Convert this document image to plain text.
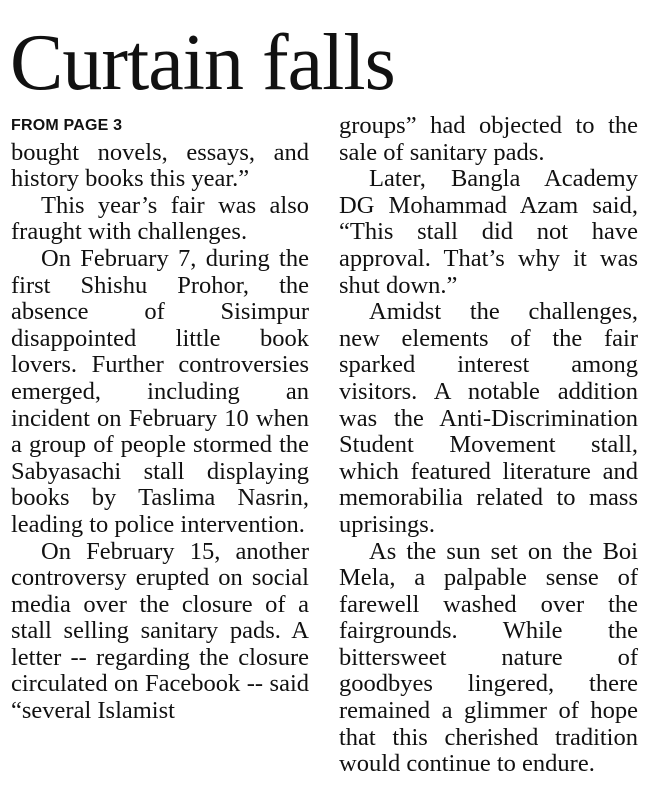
Curtain falls
FROM PAGE 3

bought novels, essays, and history books this year.”

This year’s fair was also fraught with challenges.

On February 7, during the first Shishu Prohor, the absence of Sisimpur disappointed little book lovers. Further controversies emerged, including an incident on February 10 when a group of people stormed the Sabyasachi stall displaying books by Taslima Nasrin, leading to police intervention.

On February 15, another controversy erupted on social media over the closure of a stall selling sanitary pads. A letter -- regarding the closure circulated on Facebook -- said “several Islamist

groups” had objected to the sale of sanitary pads.

Later, Bangla Academy DG Mohammad Azam said, “This stall did not have approval. That’s why it was shut down.”

Amidst the challenges, new elements of the fair sparked interest among visitors. A notable addition was the Anti-Discrimination Student Movement stall, which featured literature and memorabilia related to mass uprisings.

As the sun set on the Boi Mela, a palpable sense of farewell washed over the fairgrounds. While the bittersweet nature of goodbyes lingered, there remained a glimmer of hope that this cherished tradition would continue to endure.
